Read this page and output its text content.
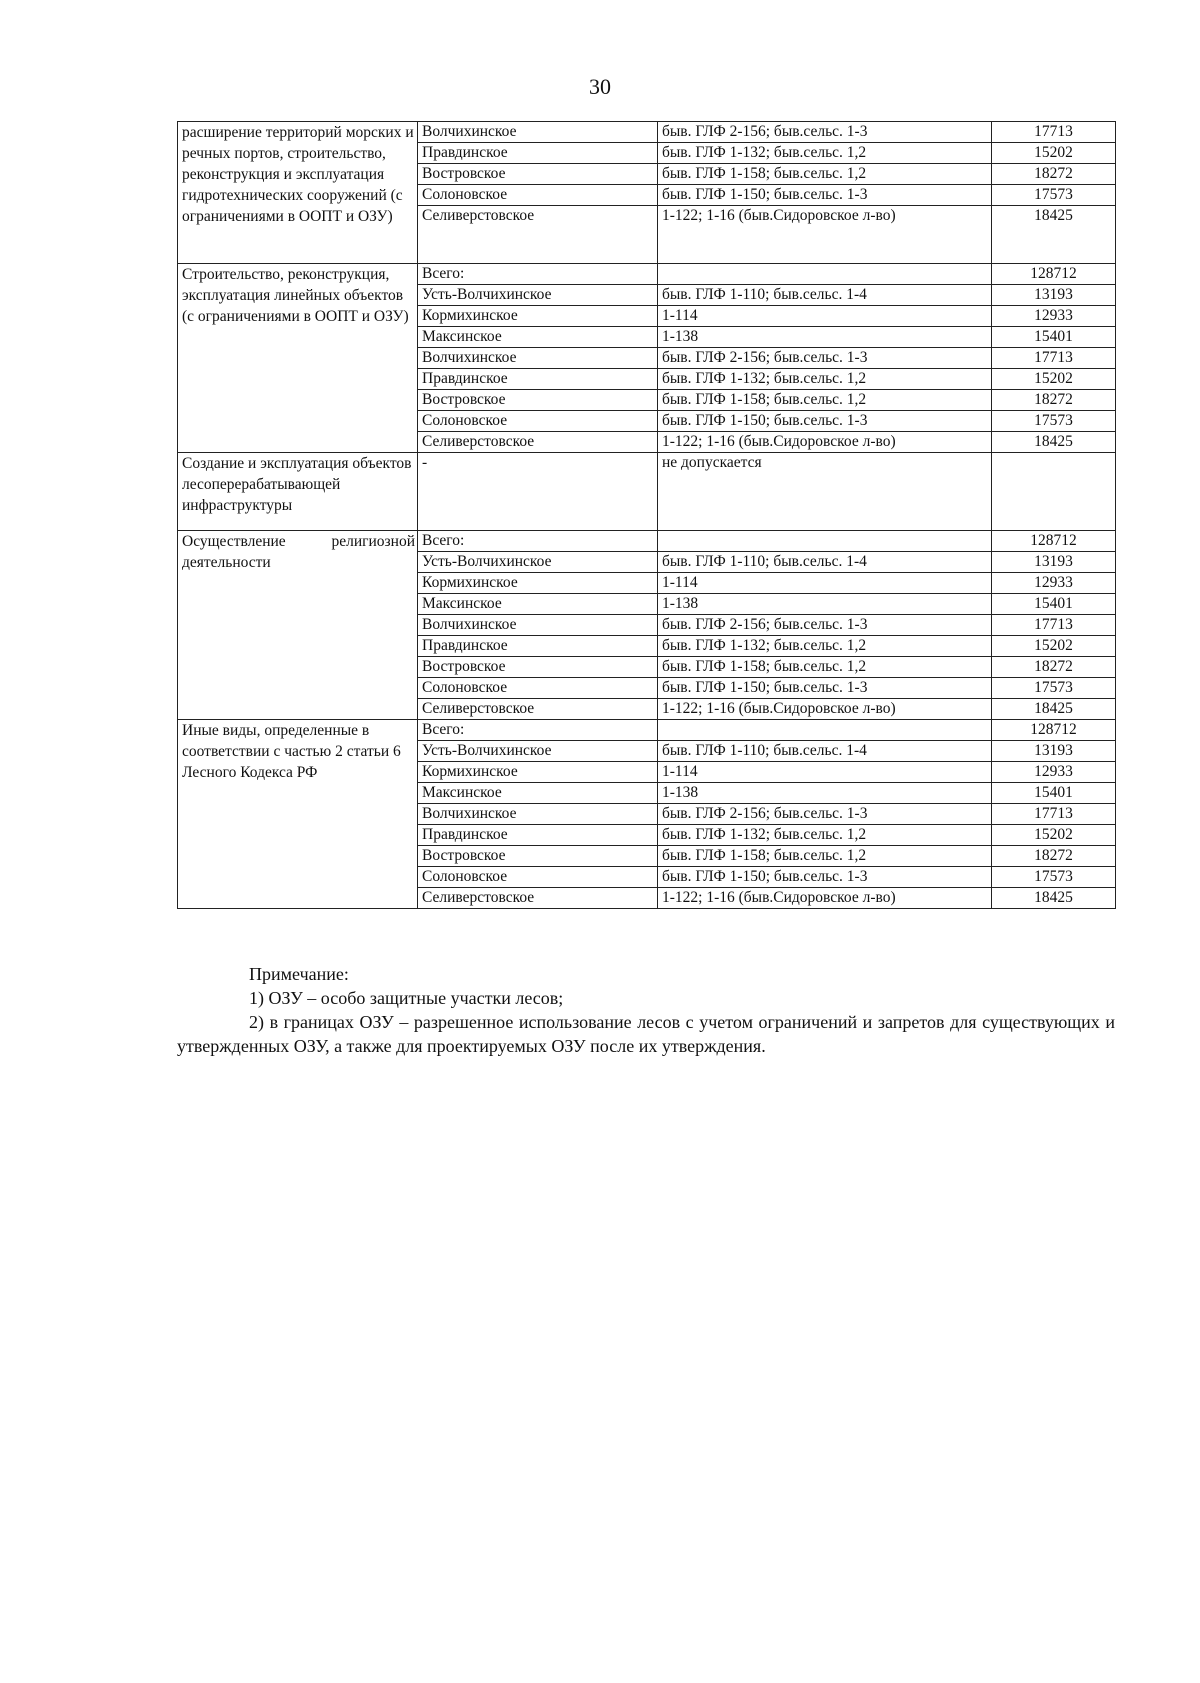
30
расширение территорий морских и речных портов, строительство, реконструкция и эксплуатация гидротехнических сооружений (с ограничениями в ООПТ и ОЗУ)	Волчихинское	быв. ГЛФ 2-156; быв.сельс. 1-3	17713
	Правдинское	быв. ГЛФ 1-132; быв.сельс. 1,2	15202
	Востровское	быв. ГЛФ 1-158; быв.сельс. 1,2	18272
	Солоновское	быв. ГЛФ 1-150; быв.сельс. 1-3	17573
	Селиверстовское	1-122; 1-16 (быв.Сидоровское л-во)	18425
Строительство, реконструкция, эксплуатация линейных объектов (с ограничениями в ООПТ и ОЗУ)	Всего:		128712
	Усть-Волчихинское	быв. ГЛФ 1-110; быв.сельс. 1-4	13193
	Кормихинское	1-114	12933
	Максинское	1-138	15401
	Волчихинское	быв. ГЛФ 2-156; быв.сельс. 1-3	17713
	Правдинское	быв. ГЛФ 1-132; быв.сельс. 1,2	15202
	Востровское	быв. ГЛФ 1-158; быв.сельс. 1,2	18272
	Солоновское	быв. ГЛФ 1-150; быв.сельс. 1-3	17573
	Селиверстовское	1-122; 1-16 (быв.Сидоровское л-во)	18425
Создание и эксплуатация объектов лесоперерабатывающей инфраструктуры	-	не допускается	
Осуществление религиозной деятельности	Всего:		128712
	Усть-Волчихинское	быв. ГЛФ 1-110; быв.сельс. 1-4	13193
	Кормихинское	1-114	12933
	Максинское	1-138	15401
	Волчихинское	быв. ГЛФ 2-156; быв.сельс. 1-3	17713
	Правдинское	быв. ГЛФ 1-132; быв.сельс. 1,2	15202
	Востровское	быв. ГЛФ 1-158; быв.сельс. 1,2	18272
	Солоновское	быв. ГЛФ 1-150; быв.сельс. 1-3	17573
	Селиверстовское	1-122; 1-16 (быв.Сидоровское л-во)	18425
Иные виды, определенные в соответствии с частью 2 статьи 6 Лесного Кодекса РФ	Всего:		128712
	Усть-Волчихинское	быв. ГЛФ 1-110; быв.сельс. 1-4	13193
	Кормихинское	1-114	12933
	Максинское	1-138	15401
	Волчихинское	быв. ГЛФ 2-156; быв.сельс. 1-3	17713
	Правдинское	быв. ГЛФ 1-132; быв.сельс. 1,2	15202
	Востровское	быв. ГЛФ 1-158; быв.сельс. 1,2	18272
	Солоновское	быв. ГЛФ 1-150; быв.сельс. 1-3	17573
	Селиверстовское	1-122; 1-16 (быв.Сидоровское л-во)	18425

Примечание:

1) ОЗУ – особо защитные участки лесов;

2) в границах ОЗУ – разрешенное использование лесов с учетом ограничений и запретов для существующих и утвержденных ОЗУ, а также для проектируемых ОЗУ после их утверждения.
